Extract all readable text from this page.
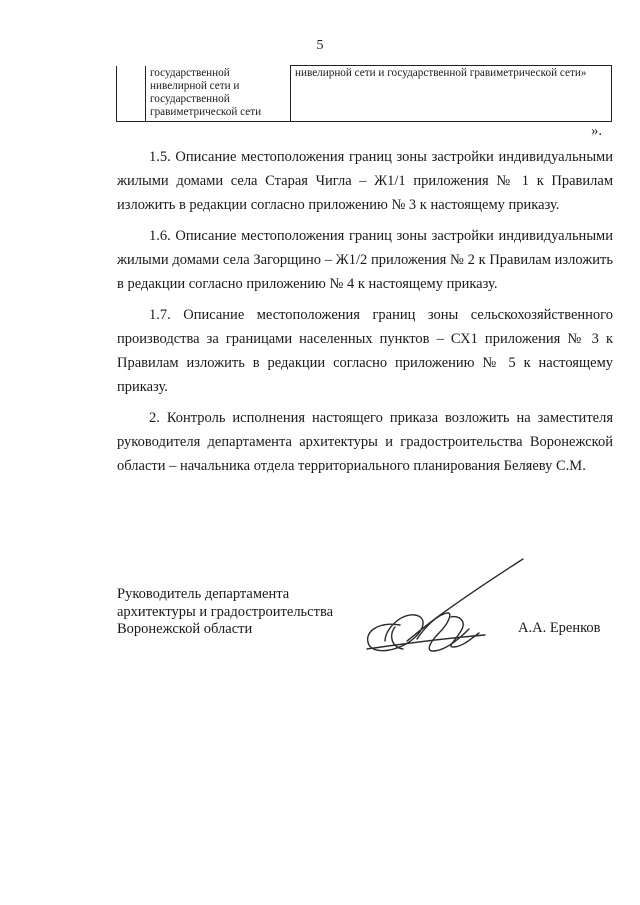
5
	государственной нивелирной сети и государственной гравиметрической сети	нивелирной сети и государственной гравиметрической сети»
».

1.5. Описание местоположения границ зоны застройки индивидуальными жилыми домами села Старая Чигла – Ж1/1 приложения № 1 к Правилам изложить в редакции согласно приложению № 3 к настоящему приказу.

1.6. Описание местоположения границ зоны застройки индивидуальными жилыми домами села Загорщино – Ж1/2 приложения № 2 к Правилам изложить в редакции согласно приложению № 4 к настоящему приказу.

1.7. Описание местоположения границ зоны сельскохозяйственного производства за границами населенных пунктов – СХ1 приложения № 3 к Правилам изложить в редакции согласно приложению № 5 к настоящему приказу.

2. Контроль исполнения настоящего приказа возложить на заместителя руководителя департамента архитектуры и градостроительства Воронежской области – начальника отдела территориального планирования Беляеву С.М.

Руководитель департамента
архитектуры и градостроительства
Воронежской области	А.А. Еренков
